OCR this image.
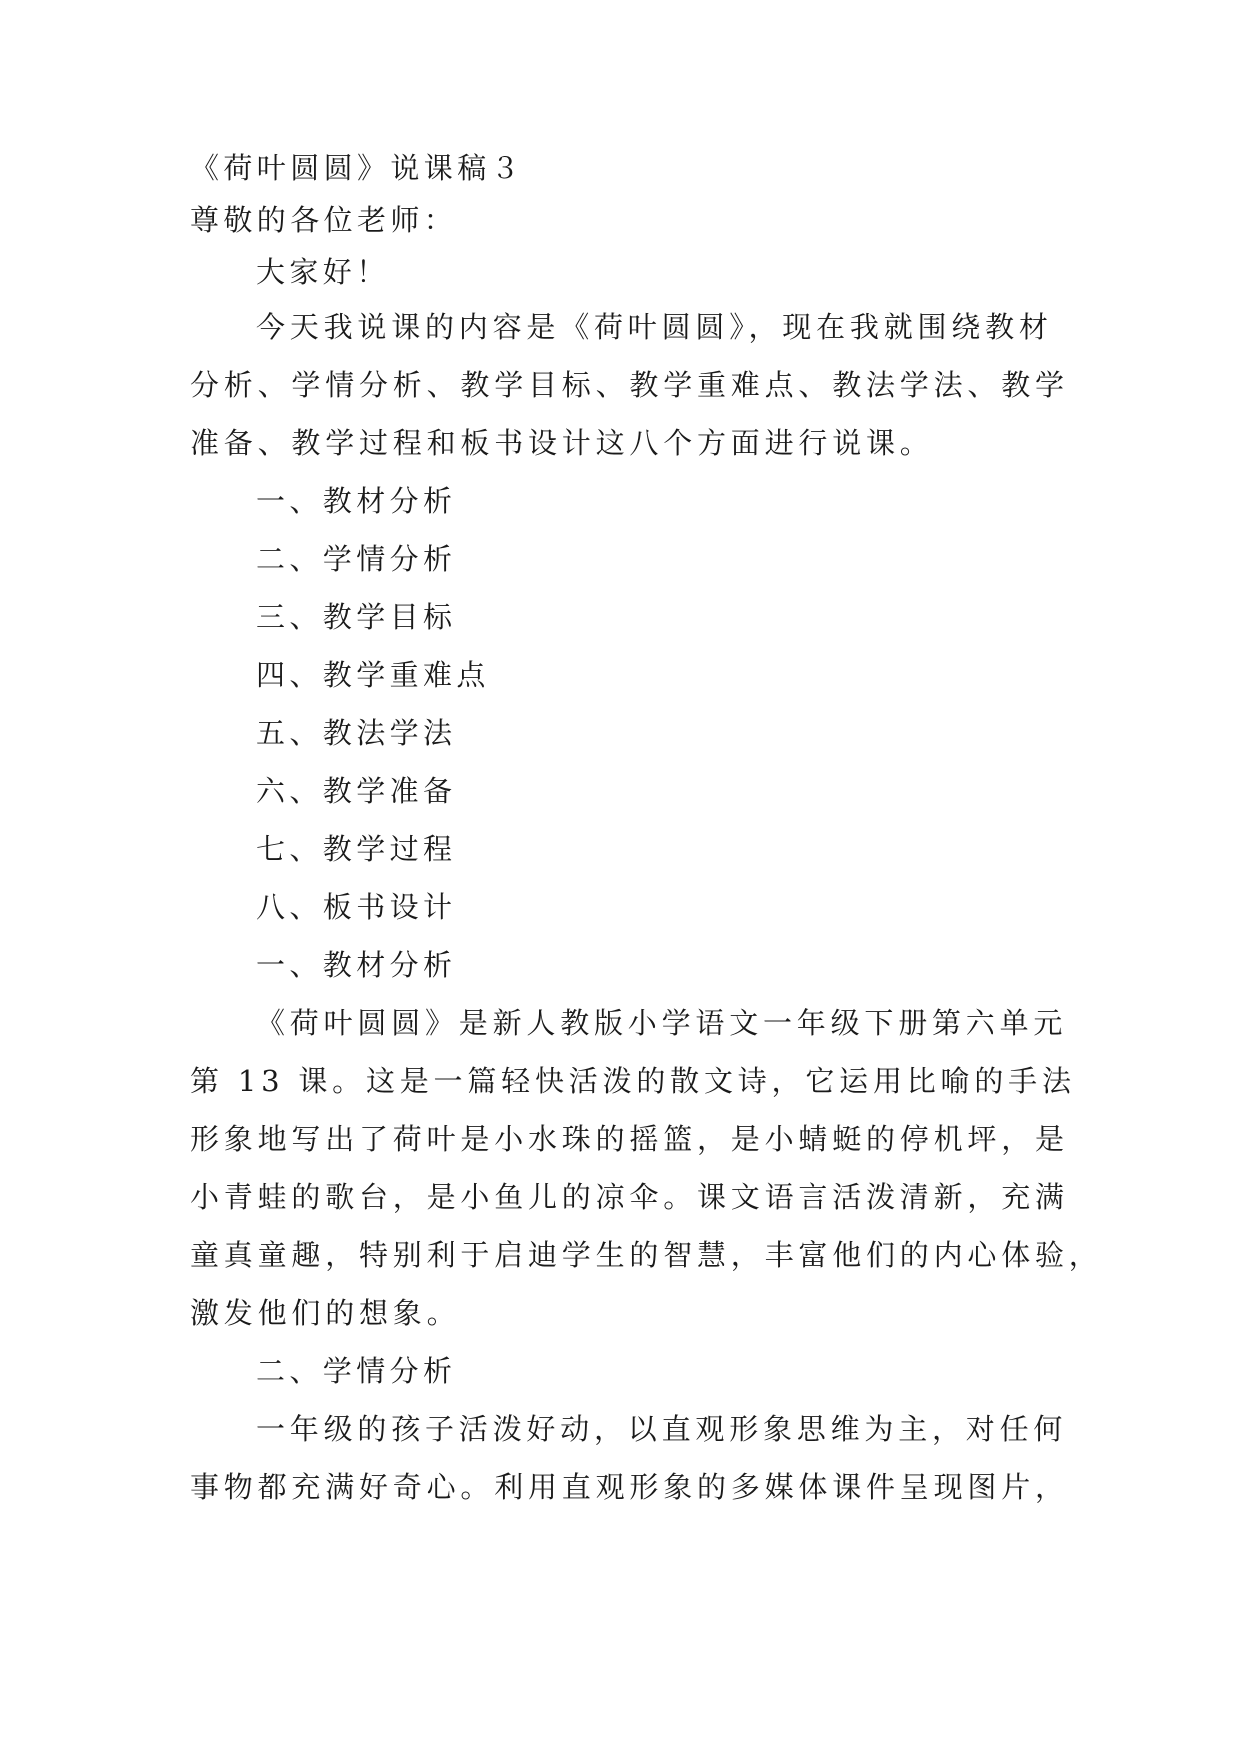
《荷叶圆圆》说课稿３
尊敬的各位老师：
大家好！
今天我说课的内容是《荷叶圆圆》，现在我就围绕教材
分析、学情分析、教学目标、教学重难点、教法学法、教学
准备、教学过程和板书设计这八个方面进行说课。
一、教材分析
二、学情分析
三、教学目标
四、教学重难点
五、教法学法
六、教学准备
七、教学过程
八、板书设计
一、教材分析
《荷叶圆圆》是新人教版小学语文一年级下册第六单元
第 13 课。这是一篇轻快活泼的散文诗，它运用比喻的手法
形象地写出了荷叶是小水珠的摇篮，是小蜻蜓的停机坪，是
小青蛙的歌台，是小鱼儿的凉伞。课文语言活泼清新，充满
童真童趣，特别利于启迪学生的智慧，丰富他们的内心体验，
激发他们的想象。
二、学情分析
一年级的孩子活泼好动，以直观形象思维为主，对任何
事物都充满好奇心。利用直观形象的多媒体课件呈现图片，
